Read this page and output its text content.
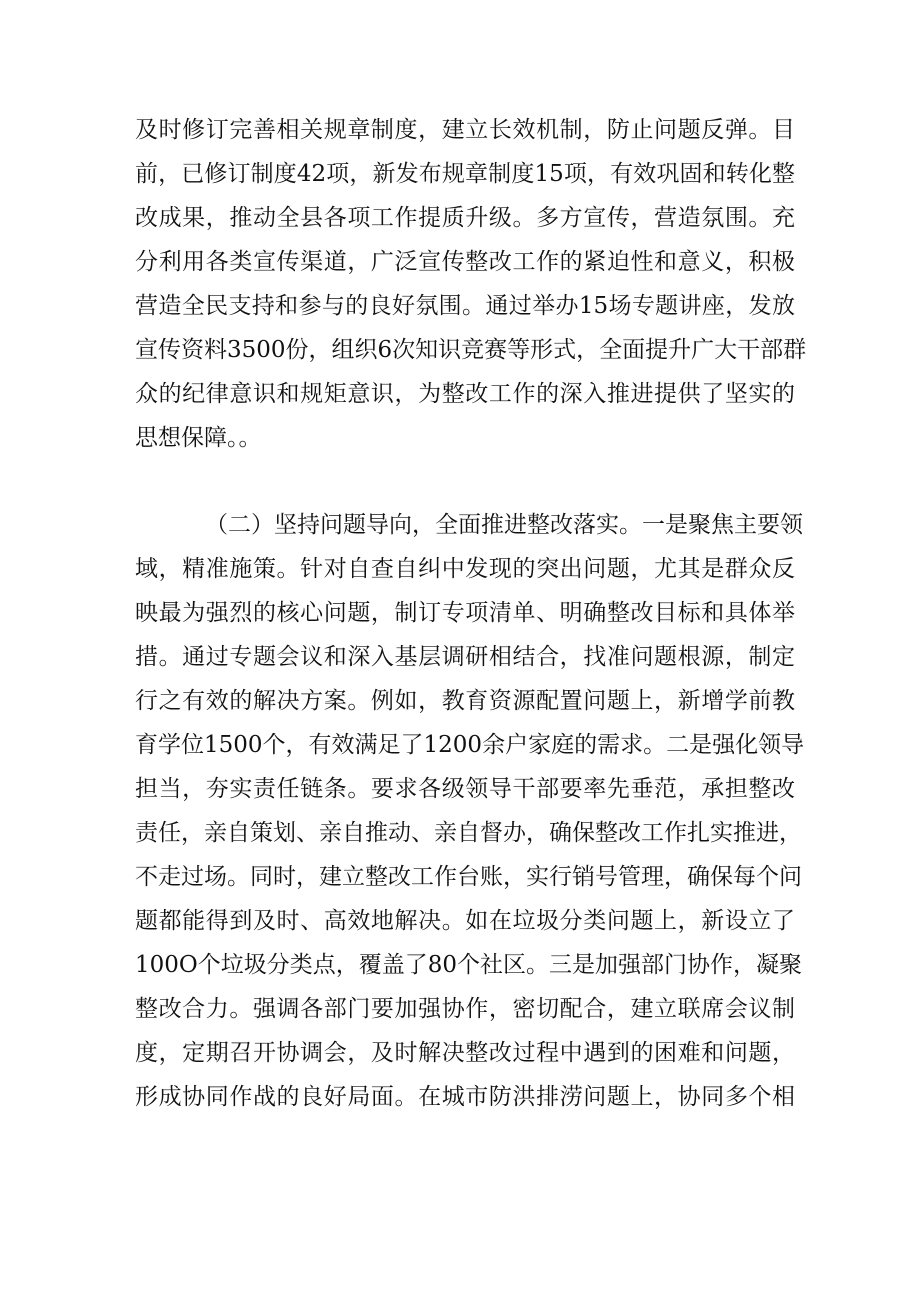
及时修订完善相关规章制度，建立长效机制，防止问题反弹。目
前，已修订制度42项，新发布规章制度15项，有效巩固和转化整
改成果，推动全县各项工作提质升级。多方宣传，营造氛围。充
分利用各类宣传渠道，广泛宣传整改工作的紧迫性和意义，积极
营造全民支持和参与的良好氛围。通过举办15场专题讲座，发放
宣传资料3500份，组织6次知识竞赛等形式，全面提升广大干部群
众的纪律意识和规矩意识，为整改工作的深入推进提供了坚实的
思想保障。。
（二）坚持问题导向，全面推进整改落实。一是聚焦主要领
域，精准施策。针对自查自纠中发现的突出问题，尤其是群众反
映最为强烈的核心问题，制订专项清单、明确整改目标和具体举
措。通过专题会议和深入基层调研相结合，找准问题根源，制定
行之有效的解决方案。例如，教育资源配置问题上，新增学前教
育学位1500个，有效满足了1200余户家庭的需求。二是强化领导
担当，夯实责任链条。要求各级领导干部要率先垂范，承担整改
责任，亲自策划、亲自推动、亲自督办，确保整改工作扎实推进，
不走过场。同时，建立整改工作台账，实行销号管理，确保每个问
题都能得到及时、高效地解决。如在垃圾分类问题上，新设立了
100O个垃圾分类点，覆盖了80个社区。三是加强部门协作，凝聚
整改合力。强调各部门要加强协作，密切配合，建立联席会议制
度，定期召开协调会，及时解决整改过程中遇到的困难和问题，
形成协同作战的良好局面。在城市防洪排涝问题上，协同多个相
